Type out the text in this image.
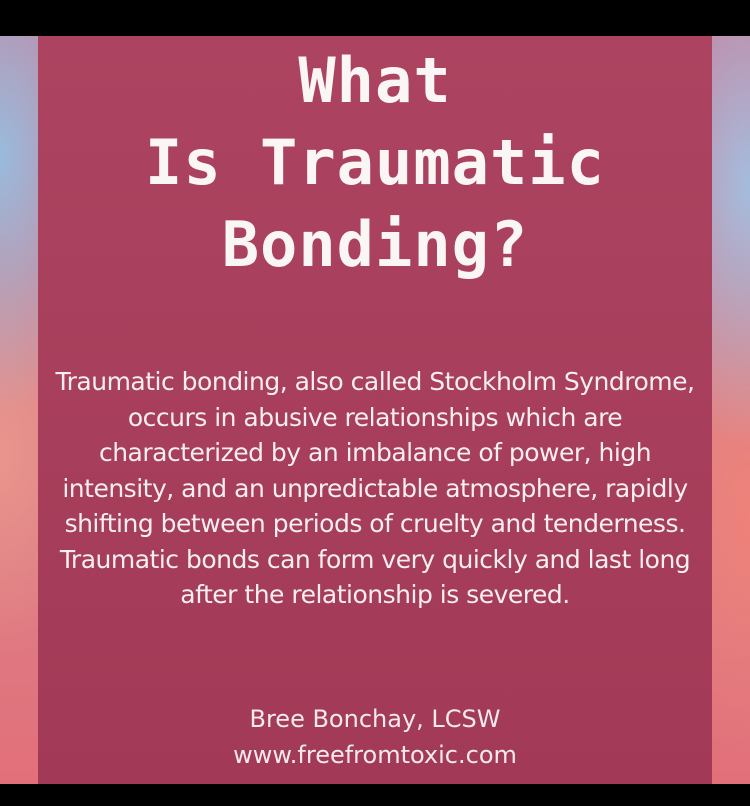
What
Is Traumatic
Bonding?

Traumatic bonding, also called Stockholm Syndrome, occurs in abusive relationships which are characterized by an imbalance of power, high intensity, and an unpredictable atmosphere, rapidly shifting between periods of cruelty and tenderness. Traumatic bonds can form very quickly and last long after the relationship is severed.

Bree Bonchay, LCSW
www.freefromtoxic.com
